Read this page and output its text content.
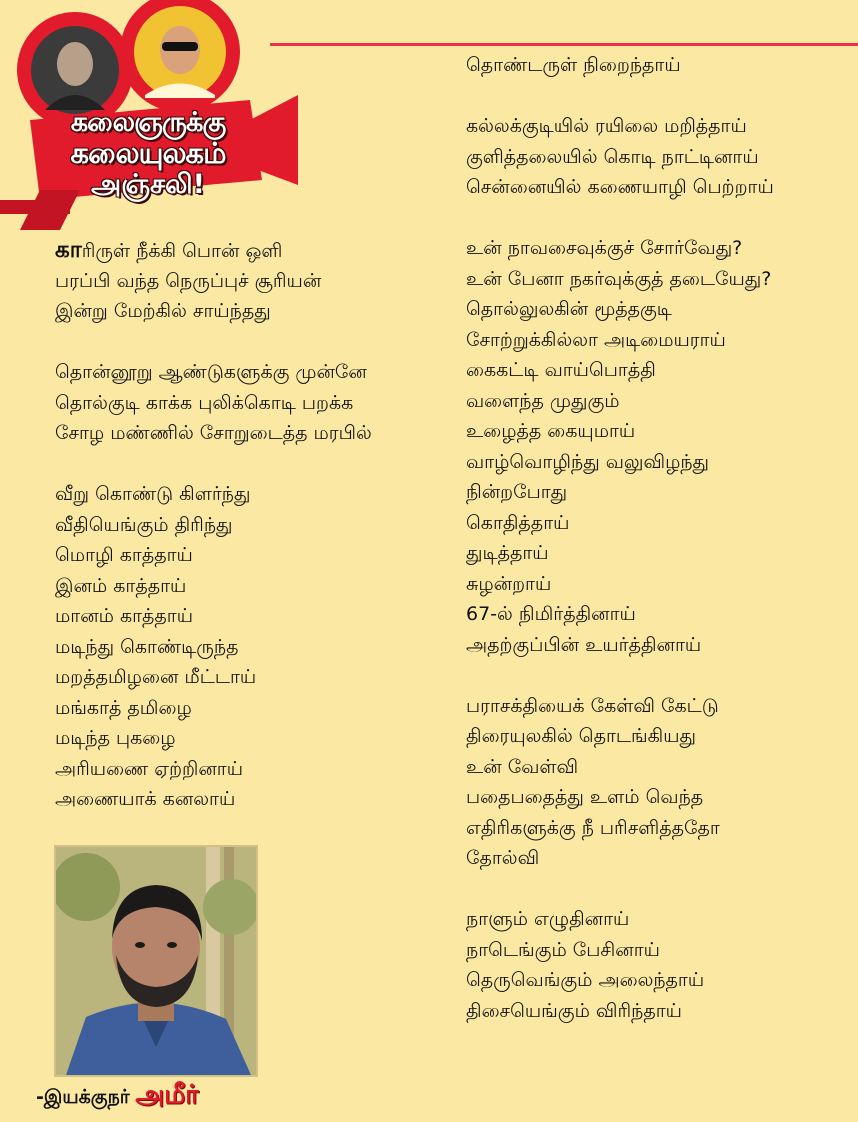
கலைஞருக்கு
கலையுலகம்
அஞ்சலி!
காரிருள் நீக்கி பொன் ஒளி
பரப்பி வந்த நெருப்புச் சூரியன்
இன்று மேற்கில் சாய்ந்தது
தொன்னூறு ஆண்டுகளுக்கு முன்னே
தொல்குடி காக்க புலிக்கொடி பறக்க
சோழ மண்ணில் சோறுடைத்த மரபில்
வீறு கொண்டு கிளர்ந்து
வீதியெங்கும் திரிந்து
மொழி காத்தாய்
இனம் காத்தாய்
மானம் காத்தாய்
மடிந்து கொண்டிருந்த
மறத்தமிழனை மீட்டாய்
மங்காத் தமிழை
மடிந்த புகழை
அரியணை ஏற்றினாய்
அணையாக் கனலாய்
தொண்டருள் நிறைந்தாய்
கல்லக்குடியில் ரயிலை மறித்தாய்
குளித்தலையில் கொடி நாட்டினாய்
சென்னையில் கணையாழி பெற்றாய்
உன் நாவசைவுக்குச் சோர்வேது?
உன் பேனா நகர்வுக்குத் தடையேது?
தொல்லுலகின் மூத்தகுடி
சோற்றுக்கில்லா அடிமையராய்
கைகட்டி வாய்பொத்தி
வளைந்த முதுகும்
உழைத்த கையுமாய்
வாழ்வொழிந்து வலுவிழந்து
நின்றபோது
கொதித்தாய்
துடித்தாய்
சுழன்றாய்
67-ல் நிமிர்த்தினாய்
அதற்குப்பின் உயர்த்தினாய்
பராசக்தியைக் கேள்வி கேட்டு
திரையுலகில் தொடங்கியது
உன் வேள்வி
பதைபதைத்து உளம் வெந்த
எதிரிகளுக்கு நீ பரிசளித்ததோ
தோல்வி
நாளும் எழுதினாய்
நாடெங்கும் பேசினாய்
தெருவெங்கும் அலைந்தாய்
திசையெங்கும் விரிந்தாய்
-இயக்குநர் அமீர்
